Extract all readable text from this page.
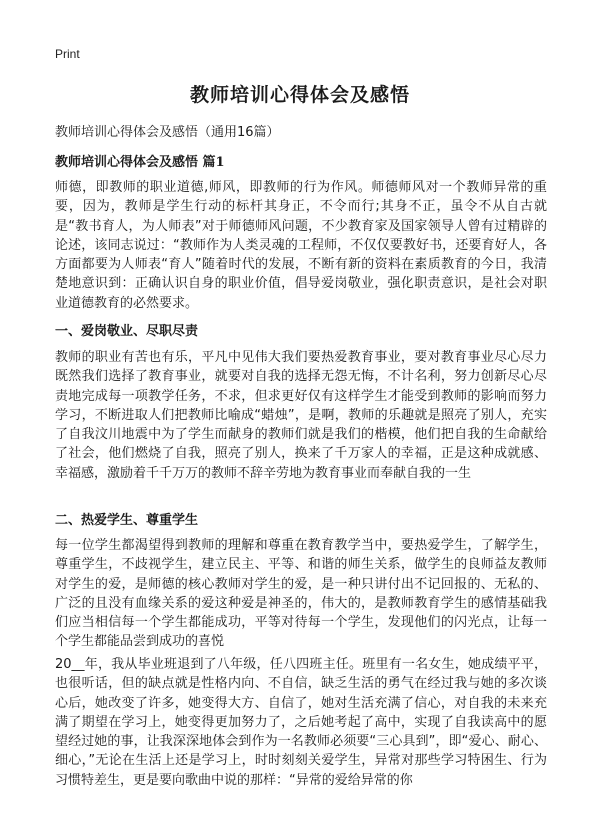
Print
教师培训心得体会及感悟

教师培训心得体会及感悟（通用16篇）

教师培训心得体会及感悟 篇1

师德，即教师的职业道德,师风，即教师的行为作风。师德师风对一个教师异常的重要，因为，教师是学生行动的标杆其身正，不令而行;其身不正，虽令不从自古就是“教书育人，为人师表”对于师德师风问题，不少教育家及国家领导人曾有过精辟的论述，该同志说过：“教师作为人类灵魂的工程师，不仅仅要教好书，还要育好人，各方面都要为人师表“育人”随着时代的发展，不断有新的资料在素质教育的今日，我清楚地意识到：正确认识自身的职业价值，倡导爱岗敬业，强化职责意识，是社会对职业道德教育的必然要求。

一、爱岗敬业、尽职尽责

教师的职业有苦也有乐，平凡中见伟大我们要热爱教育事业，要对教育事业尽心尽力既然我们选择了教育事业，就要对自我的选择无怨无悔，不计名利，努力创新尽心尽责地完成每一项教学任务，不求，但求更好仅有这样学生才能受到教师的影响而努力学习，不断进取人们把教师比喻成“蜡烛”，是啊，教师的乐趣就是照亮了别人，充实了自我汶川地震中为了学生而献身的教师们就是我们的楷模，他们把自我的生命献给了社会，他们燃烧了自我，照亮了别人，换来了千万家人的幸福，正是这种成就感、幸福感，激励着千千万万的教师不辞辛劳地为教育事业而奉献自我的一生

二、热爱学生、尊重学生

每一位学生都渴望得到教师的理解和尊重在教育教学当中，要热爱学生，了解学生，尊重学生，不歧视学生，建立民主、平等、和谐的师生关系，做学生的良师益友教师对学生的爱，是师德的核心教师对学生的爱，是一种只讲付出不记回报的、无私的、广泛的且没有血缘关系的爱这种爱是神圣的，伟大的，是教师教育学生的感情基础我们应当相信每一个学生都能成功，平等对待每一个学生，发现他们的闪光点，让每一个学生都能品尝到成功的喜悦

20__年，我从毕业班退到了八年级，任八四班主任。班里有一名女生，她成绩平平，也很听话，但的缺点就是性格内向、不自信，缺乏生活的勇气在经过我与她的多次谈心后，她改变了许多，她变得大方、自信了，她对生活充满了信心，对自我的未来充满了期望在学习上，她变得更加努力了，之后她考起了高中，实现了自我读高中的愿望经过她的事，让我深深地体会到作为一名教师必须要“三心具到”，即“爱心、耐心、细心，”无论在生活上还是学习上，时时刻刻关爱学生，异常对那些学习特困生、行为习惯特差生，更是要向歌曲中说的那样：“异常的爱给异常的你
